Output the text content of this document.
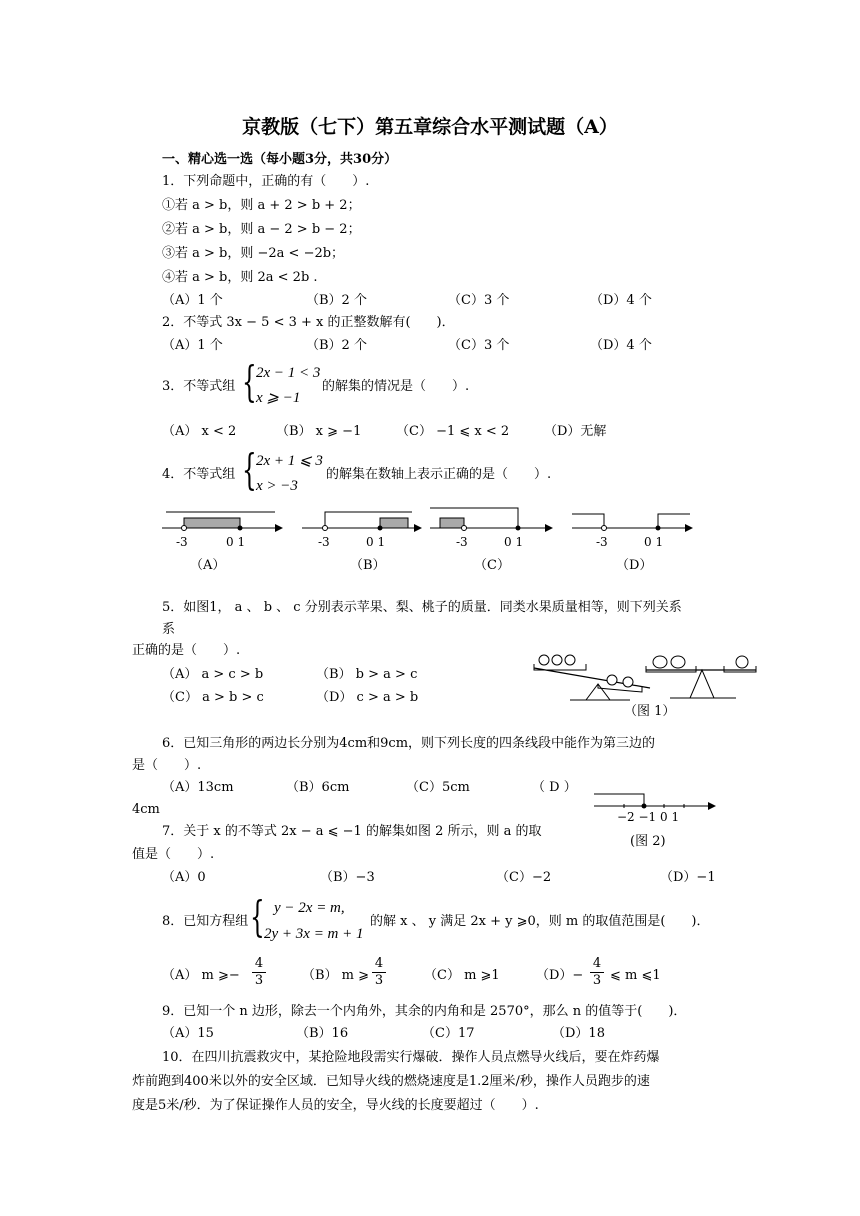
京教版（七下）第五章综合水平测试题（A）
一、精心选一选（每小题3分，共30分）
1．下列命题中，正确的有（　　）.
①若 a > b，则 a + 2 > b + 2；
②若 a > b，则 a − 2 > b − 2；
③若 a > b，则 −2a < −2b；
④若 a > b，则 2a < 2b .
（A）1 个	（B）2 个	（C）3 个	（D）4 个
2．不等式 3x − 5 < 3 + x 的正整数解有(　　)．
（A）1 个	（B）2 个	（C）3 个	（D）4 个
3．不等式组 { 2x − 1 < 3
x ⩾ −1
的解集的情况是（　　）.
（A） x < 2	（B） x ⩾ −1	（C） −1 ⩽ x < 2	（D）无解
4．不等式组 { 2x + 1 ⩽ 3
x > −3
的解集在数轴上表示正确的是（　　）.
-3	0 1	-3	0 1	-3	0 1	-3	0 1
（A）	（B）	（C）	（D）
5．如图1， a 、 b 、 c 分别表示苹果、梨、桃子的质量．同类水果质量相等，则下列关系
系
正确的是（　　）.
（A） a > c > b	（B） b > a > c
（C） a > b > c	（D） c > a > b
（图 1）
6．已知三角形的两边长分别为4cm和9cm，则下列长度的四条线段中能作为第三边的
是（　　）.
（A）13cm	（B）6cm	（C）5cm	（ D ）
4cm	−2 −1 0 1
(图 2)
7．关于 x 的不等式 2x − a ⩽ −1 的解集如图 2 所示，则 a 的取
值是（　　）.
（A）0	（B）−3	（C）−2	（D）−1
8．已知方程组 { y − 2x = m,
2y + 3x = m + 1
的解 x 、 y 满足 2x + y ⩾0，则 m 的取值范围是(　　)．
（A） m ⩾− $\frac{4}{3}$	（B） m ⩾ $\frac{4}{3}$	（C） m ⩾1	$(D)- \frac{4}{3}$ ⩽ m ⩽1
9．已知一个 n 边形，除去一个内角外，其余的内角和是 2570°，那么 n 的值等于(　　)．
（A）15	（B）16	（C）17	（D）18
10．在四川抗震救灾中，某抢险地段需实行爆破．操作人员点燃导火线后，要在炸药爆
炸前跑到400米以外的安全区域．已知导火线的燃烧速度是1.2厘米/秒，操作人员跑步的速
度是5米/秒．为了保证操作人员的安全，导火线的长度要超过（　　）.
